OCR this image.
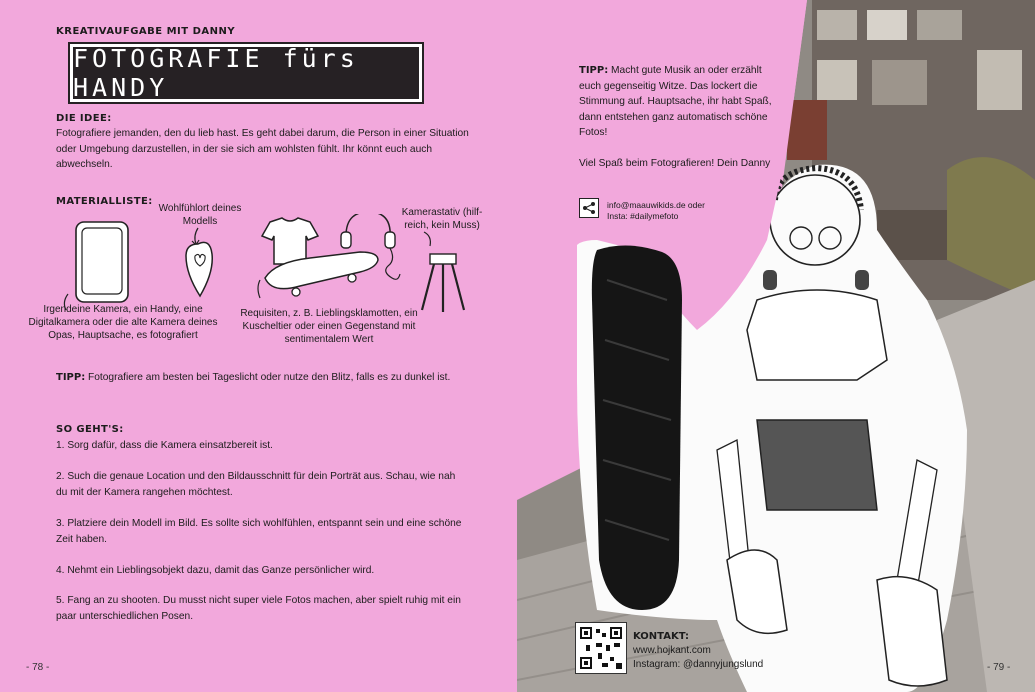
KREATIVAUFGABE MIT DANNY
FOTOGRAFIE fürs HANDY
DIE IDEE:
Fotografiere jemanden, den du lieb hast. Es geht dabei darum, die Person in einer Situation oder Umgebung darzustellen, in der sie sich am wohlsten fühlt. Ihr könnt euch auch abwechseln.
MATERIALLISTE:
Wohlfühlort deines Modells
Kamerastativ (hilf-reich, kein Muss)
Irgendeine Kamera, ein Handy, eine Digitalkamera oder die alte Kamera deines Opas, Hauptsache, es fotografiert
Requisiten, z. B. Lieblingsklamotten, ein Kuscheltier oder einen Gegenstand mit sentimentalem Wert
TIPP: Fotografiere am besten bei Tageslicht oder nutze den Blitz, falls es zu dunkel ist.
SO GEHT'S:
1. Sorg dafür, dass die Kamera einsatzbereit ist.
2. Such die genaue Location und den Bildausschnitt für dein Porträt aus. Schau, wie nah du mit der Kamera rangehen möchtest.
3. Platziere dein Modell im Bild. Es sollte sich wohlfühlen, entspannt sein und eine schöne Zeit haben.
4. Nehmt ein Lieblingsobjekt dazu, damit das Ganze persönlicher wird.
5. Fang an zu shooten. Du musst nicht super viele Fotos machen, aber spielt ruhig mit ein paar unterschiedlichen Posen.
- 78 -
TIPP: Macht gute Musik an oder erzählt euch gegenseitig Witze. Das lockert die Stimmung auf. Hauptsache, ihr habt Spaß, dann entstehen ganz automatisch schöne Fotos!
Viel Spaß beim Fotografieren! Dein Danny
info@maauwikids.de oder
Insta: #dailymefoto
KONTAKT:
www.hojkant.com
Instagram: @dannyjungslund	- 79 -
